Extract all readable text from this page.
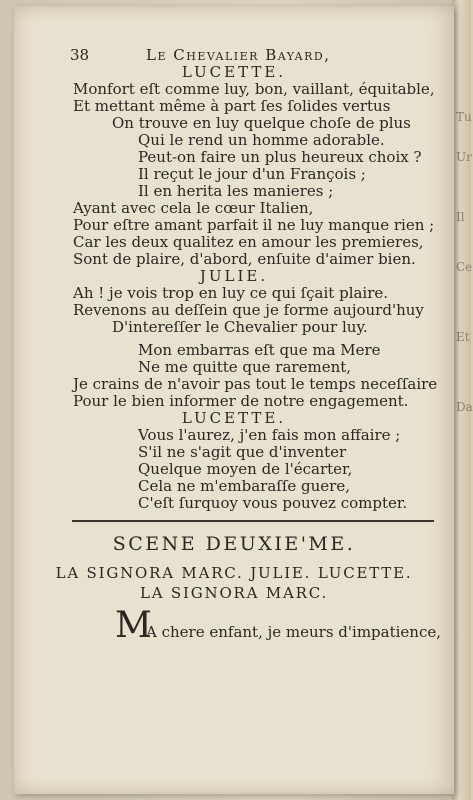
Tu
Ur
Il
Ce
Et
Da
38	Le Chevalier Bayard,
LUCETTE.
Monfort eſt comme luy, bon, vaillant, équitable,
Et mettant même à part ſes ſolides vertus
On trouve en luy quelque choſe de plus
Qui le rend un homme adorable.
Peut-on faire un plus heureux choix ?
Il reçut le jour d'un François ;
Il en herita les manieres ;
Ayant avec cela le cœur Italien,
Pour eſtre amant parfait il ne luy manque rien ;
Car les deux qualitez en amour les premieres,
Sont de plaire, d'abord, enſuite d'aimer bien.
JULIE.
Ah ! je vois trop en luy ce qui ſçait plaire.
Revenons au deſſein que je forme aujourd'huy
D'intereſſer le Chevalier pour luy.
Mon embarras eſt que ma Mere
Ne me quitte que rarement,
Je crains de n'avoir pas tout le temps neceſſaire
Pour le bien informer de notre engagement.
LUCETTE.
Vous l'aurez, j'en fais mon affaire ;
S'il ne s'agit que d'inventer
Quelque moyen de l'écarter,
Cela ne m'embaraſſe guere,
C'eſt ſurquoy vous pouvez compter.
SCENE DEUXIE'ME.
LA SIGNORA MARC. JULIE. LUCETTE.
LA SIGNORA MARC.
M
A chere enfant, je meurs d'impatience,
